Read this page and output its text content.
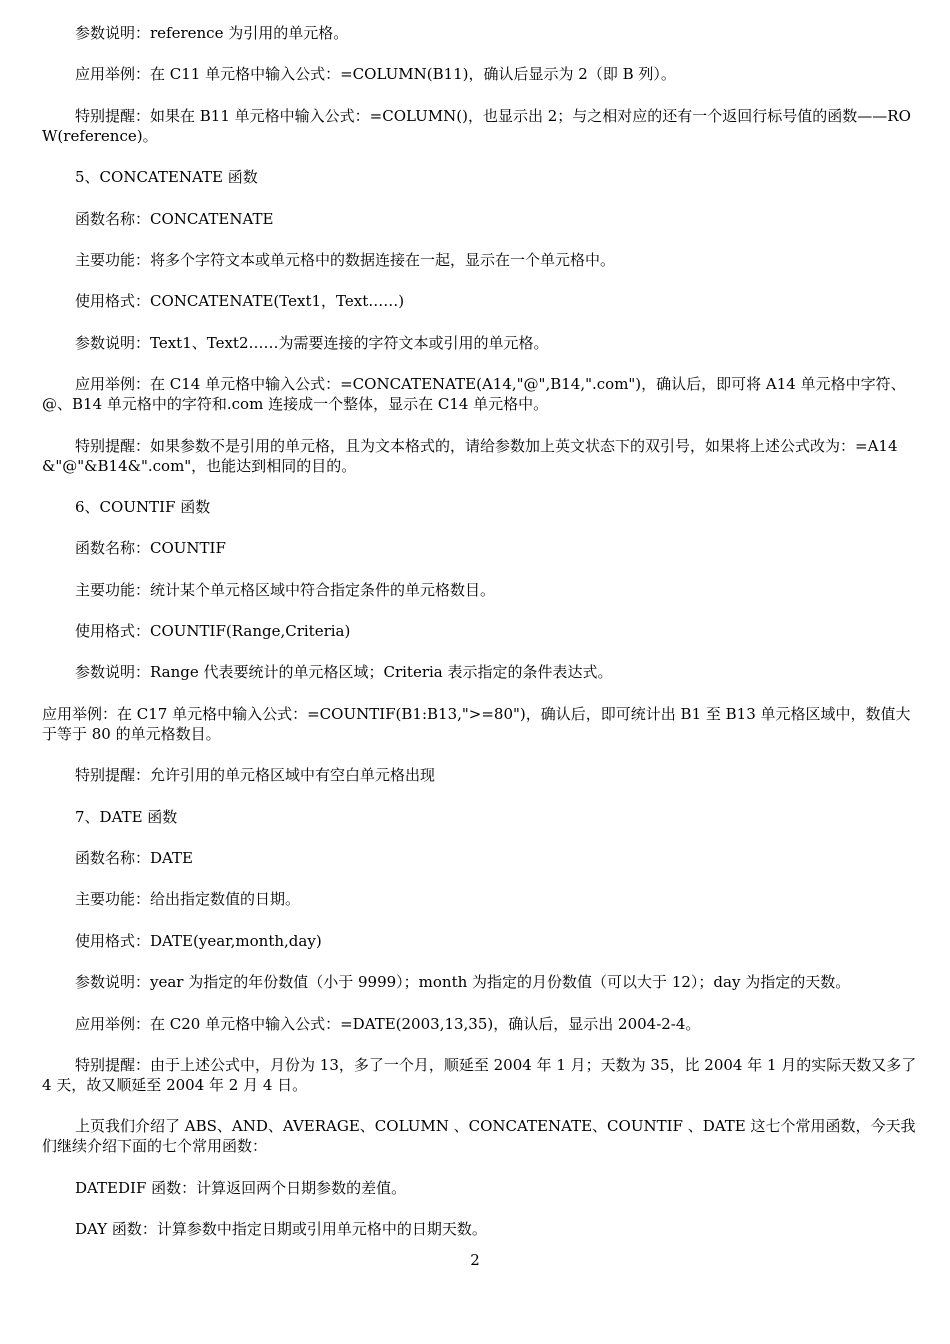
参数说明：reference 为引用的单元格。

应用举例：在 C11 单元格中输入公式：=COLUMN(B11)，确认后显示为 2（即 B 列）。

特别提醒：如果在 B11 单元格中输入公式：=COLUMN()，也显示出 2；与之相对应的还有一个返回行标号值的函数——ROW(reference)。

5、CONCATENATE 函数

函数名称：CONCATENATE

主要功能：将多个字符文本或单元格中的数据连接在一起，显示在一个单元格中。

使用格式：CONCATENATE(Text1，Text……)

参数说明：Text1、Text2……为需要连接的字符文本或引用的单元格。

应用举例：在 C14 单元格中输入公式：=CONCATENATE(A14,"@",B14,".com")，确认后，即可将 A14 单元格中字符、@、B14 单元格中的字符和.com 连接成一个整体，显示在 C14 单元格中。

特别提醒：如果参数不是引用的单元格，且为文本格式的，请给参数加上英文状态下的双引号，如果将上述公式改为：=A14&"@"&B14&".com"，也能达到相同的目的。

6、COUNTIF 函数

函数名称：COUNTIF

主要功能：统计某个单元格区域中符合指定条件的单元格数目。

使用格式：COUNTIF(Range,Criteria)

参数说明：Range 代表要统计的单元格区域；Criteria 表示指定的条件表达式。

应用举例：在 C17 单元格中输入公式：=COUNTIF(B1:B13,">=80")，确认后，即可统计出 B1 至 B13 单元格区域中，数值大于等于 80 的单元格数目。

特别提醒：允许引用的单元格区域中有空白单元格出现

7、DATE 函数

函数名称：DATE

主要功能：给出指定数值的日期。

使用格式：DATE(year,month,day)

参数说明：year 为指定的年份数值（小于 9999）；month 为指定的月份数值（可以大于 12）；day 为指定的天数。

应用举例：在 C20 单元格中输入公式：=DATE(2003,13,35)，确认后，显示出 2004-2-4。

特别提醒：由于上述公式中，月份为 13，多了一个月，顺延至 2004 年 1 月；天数为 35，比 2004 年 1 月的实际天数又多了 4 天，故又顺延至 2004 年 2 月 4 日。

上页我们介绍了 ABS、AND、AVERAGE、COLUMN 、CONCATENATE、COUNTIF 、DATE 这七个常用函数，今天我们继续介绍下面的七个常用函数：

DATEDIF 函数：计算返回两个日期参数的差值。

DAY 函数：计算参数中指定日期或引用单元格中的日期天数。

2
